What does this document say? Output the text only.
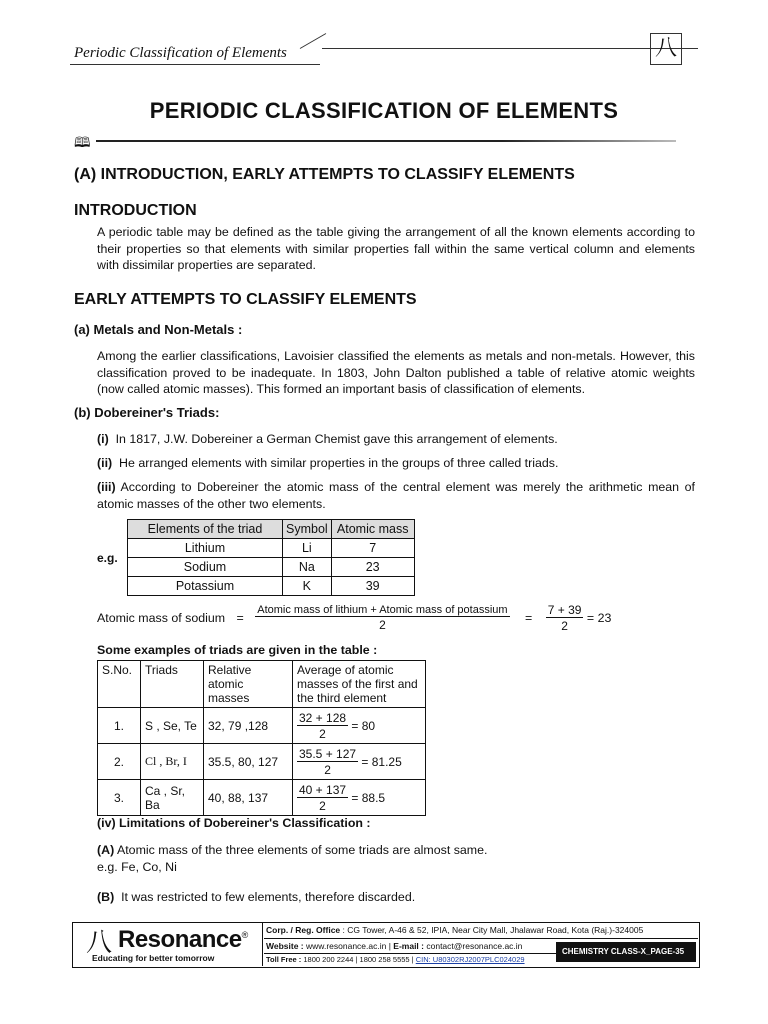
Periodic Classification of Elements	八
PERIODIC CLASSIFICATION OF ELEMENTS
🕮
(A) INTRODUCTION, EARLY ATTEMPTS TO CLASSIFY ELEMENTS
INTRODUCTION
A periodic table may be defined as the table giving the arrangement of all the known elements according to their properties so that elements with similar properties fall within the same vertical column and elements with dissimilar properties are separated.
EARLY ATTEMPTS TO CLASSIFY ELEMENTS
(a) Metals and Non-Metals :
Among the earlier classifications, Lavoisier classified the elements as metals and non-metals. However, this classification proved to be inadequate. In 1803, John Dalton published a table of relative atomic weights (now called atomic masses). This formed an important basis of classification of elements.
(b) Dobereiner's Triads:
(i) In 1817, J.W. Dobereiner a German Chemist gave this arrangement of elements.
(ii) He arranged elements with similar properties in the groups of three called triads.
(iii) According to Dobereiner the atomic mass of the central element was merely the arithmetic mean of atomic masses of the other two elements.
e.g.
Elements of the triad	Symbol	Atomic mass
Lithium	Li	7
Sodium	Na	23
Potassium	K	39
Atomic mass of sodium = $\frac{\text{Atomic mass of lithium + Atomic mass of potassium}}{2} = \frac{7 + 39}{2} = 23$
Some examples of triads are given in the table :
S.No.	Triads	Relative atomic masses	Average of atomic masses of the first and the third element
1.	S , Se, Te	32, 79 ,128	$\frac{32 + 128}{2} = 80$
2.	Cl , Br, I	35.5, 80, 127	$\frac{35.5 + 127}{2} = 81.25$
3.	Ca , Sr, Ba	40, 88, 137	$\frac{40 + 137}{2} = 88.5$
(iv) Limitations of Dobereiner's Classification :
(A) Atomic mass of the three elements of some triads are almost same.
e.g. Fe, Co, Ni
(B) It was restricted to few elements, therefore discarded.
八 Resonance®
Educating for better tomorrow
Corp. / Reg. Office : CG Tower, A-46 & 52, IPIA, Near City Mall, Jhalawar Road, Kota (Raj.)-324005
Website : www.resonance.ac.in | E-mail : contact@resonance.ac.in
Toll Free : 1800 200 2244 | 1800 258 5555 | CIN: U80302RJ2007PLC024029
CHEMISTRY CLASS-X_PAGE-35
